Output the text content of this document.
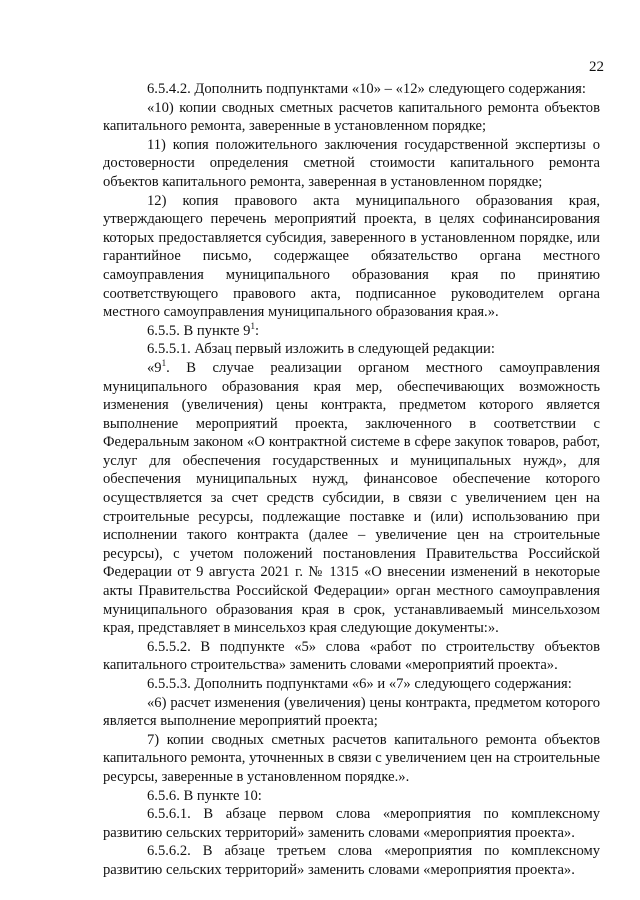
22

6.5.4.2. Дополнить подпунктами «10» – «12» следующего содержания:

«10) копии сводных сметных расчетов капитального ремонта объектов капитального ремонта, заверенные в установленном порядке;

11) копия положительного заключения государственной экспертизы о достоверности определения сметной стоимости капитального ремонта объектов капитального ремонта, заверенная в установленном порядке;

12) копия правового акта муниципального образования края, утверждающего перечень мероприятий проекта, в целях софинансирования которых предоставляется субсидия, заверенного в установленном порядке, или гарантийное письмо, содержащее обязательство органа местного самоуправления муниципального образования края по принятию соответствующего правового акта, подписанное руководителем органа местного самоуправления муниципального образования края.».

6.5.5. В пункте $9^1$:

6.5.5.1. Абзац первый изложить в следующей редакции:

«$9^1$. В случае реализации органом местного самоуправления муниципального образования края мер, обеспечивающих возможность изменения (увеличения) цены контракта, предметом которого является выполнение мероприятий проекта, заключенного в соответствии с Федеральным законом «О контрактной системе в сфере закупок товаров, работ, услуг для обеспечения государственных и муниципальных нужд», для обеспечения муниципальных нужд, финансовое обеспечение которого осуществляется за счет средств субсидии, в связи с увеличением цен на строительные ресурсы, подлежащие поставке и (или) использованию при исполнении такого контракта (далее – увеличение цен на строительные ресурсы), с учетом положений постановления Правительства Российской Федерации от 9 августа 2021 г. № 1315 «О внесении изменений в некоторые акты Правительства Российской Федерации» орган местного самоуправления муниципального образования края в срок, устанавливаемый минсельхозом края, представляет в минсельхоз края следующие документы:».

6.5.5.2. В подпункте «5» слова «работ по строительству объектов капитального строительства» заменить словами «мероприятий проекта».

6.5.5.3. Дополнить подпунктами «6» и «7» следующего содержания:

«6) расчет изменения (увеличения) цены контракта, предметом которого является выполнение мероприятий проекта;

7) копии сводных сметных расчетов капитального ремонта объектов капитального ремонта, уточненных в связи с увеличением цен на строительные ресурсы, заверенные в установленном порядке.».

6.5.6. В пункте 10:

6.5.6.1. В абзаце первом слова «мероприятия по комплексному развитию сельских территорий» заменить словами «мероприятия проекта».

6.5.6.2. В абзаце третьем слова «мероприятия по комплексному развитию сельских территорий» заменить словами «мероприятия проекта».
